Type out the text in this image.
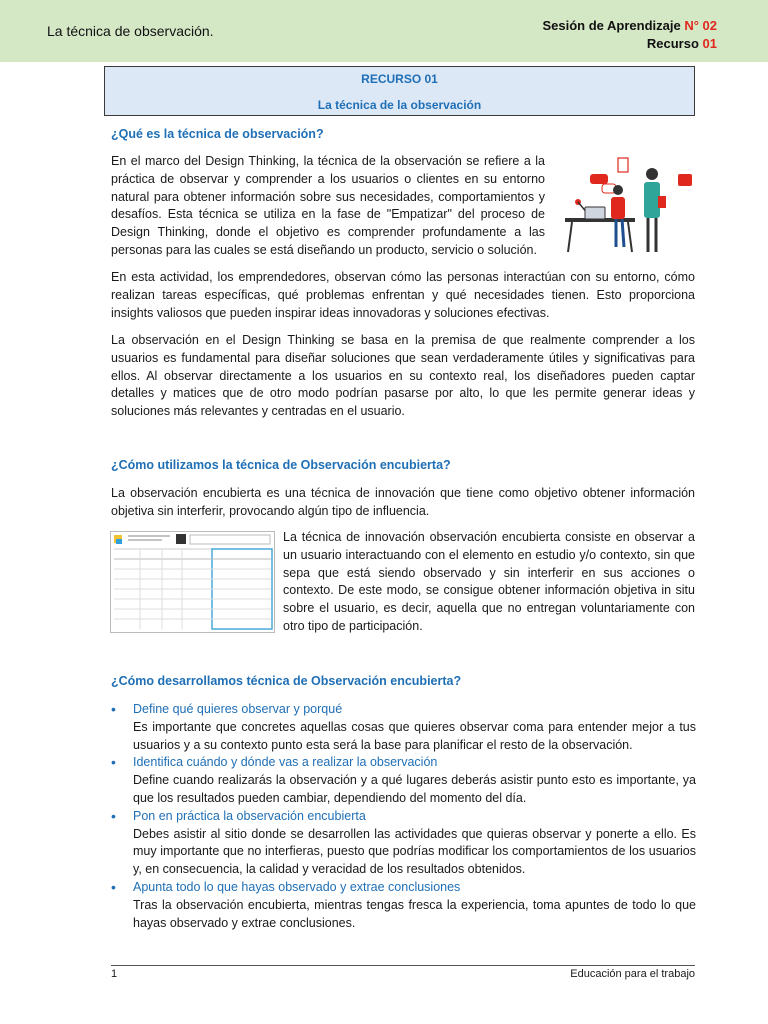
La técnica de observación.	Sesión de Aprendizaje N° 02
Recurso 01
RECURSO 01
La técnica de la observación
¿Qué es la técnica de observación?

En el marco del Design Thinking, la técnica de la observación se refiere a la práctica de observar y comprender a los usuarios o clientes en su entorno natural para obtener información sobre sus necesidades, comportamientos y desafíos. Esta técnica se utiliza en la fase de "Empatizar" del proceso de Design Thinking, donde el objetivo es comprender profundamente a las personas para las cuales se está diseñando un producto, servicio o solución.

En esta actividad, los emprendedores, observan cómo las personas interactúan con su entorno, cómo realizan tareas específicas, qué problemas enfrentan y qué necesidades tienen. Esto proporciona insights valiosos que pueden inspirar ideas innovadoras y soluciones efectivas.

La observación en el Design Thinking se basa en la premisa de que realmente comprender a los usuarios es fundamental para diseñar soluciones que sean verdaderamente útiles y significativas para ellos. Al observar directamente a los usuarios en su contexto real, los diseñadores pueden captar detalles y matices que de otro modo podrían pasarse por alto, lo que les permite generar ideas y soluciones más relevantes y centradas en el usuario.

¿Cómo utilizamos la técnica de Observación encubierta?

La observación encubierta es una técnica de innovación que tiene como objetivo obtener información objetiva sin interferir, provocando algún tipo de influencia.

La técnica de innovación observación encubierta consiste en observar a un usuario interactuando con el elemento en estudio y/o contexto, sin que sepa que está siendo observado y sin interferir en sus acciones o contexto. De este modo, se consigue obtener información objetiva in situ sobre el usuario, es decir, aquella que no entregan voluntariamente con otro tipo de participación.

¿Cómo desarrollamos técnica de Observación encubierta?
• Define qué quieres observar y porqué
Es importante que concretes aquellas cosas que quieres observar coma para entender mejor a tus usuarios y a su contexto punto esta será la base para planificar el resto de la observación.
• Identifica cuándo y dónde vas a realizar la observación
Define cuando realizarás la observación y a qué lugares deberás asistir punto esto es importante, ya que los resultados pueden cambiar, dependiendo del momento del día.
• Pon en práctica la observación encubierta
Debes asistir al sitio donde se desarrollen las actividades que quieras observar y ponerte a ello. Es muy importante que no interfieras, puesto que podrías modificar los comportamientos de los usuarios y, en consecuencia, la calidad y veracidad de los resultados obtenidos.
• Apunta todo lo que hayas observado y extrae conclusiones
Tras la observación encubierta, mientras tengas fresca la experiencia, toma apuntes de todo lo que hayas observado y extrae conclusiones.
1	Educación para el trabajo
